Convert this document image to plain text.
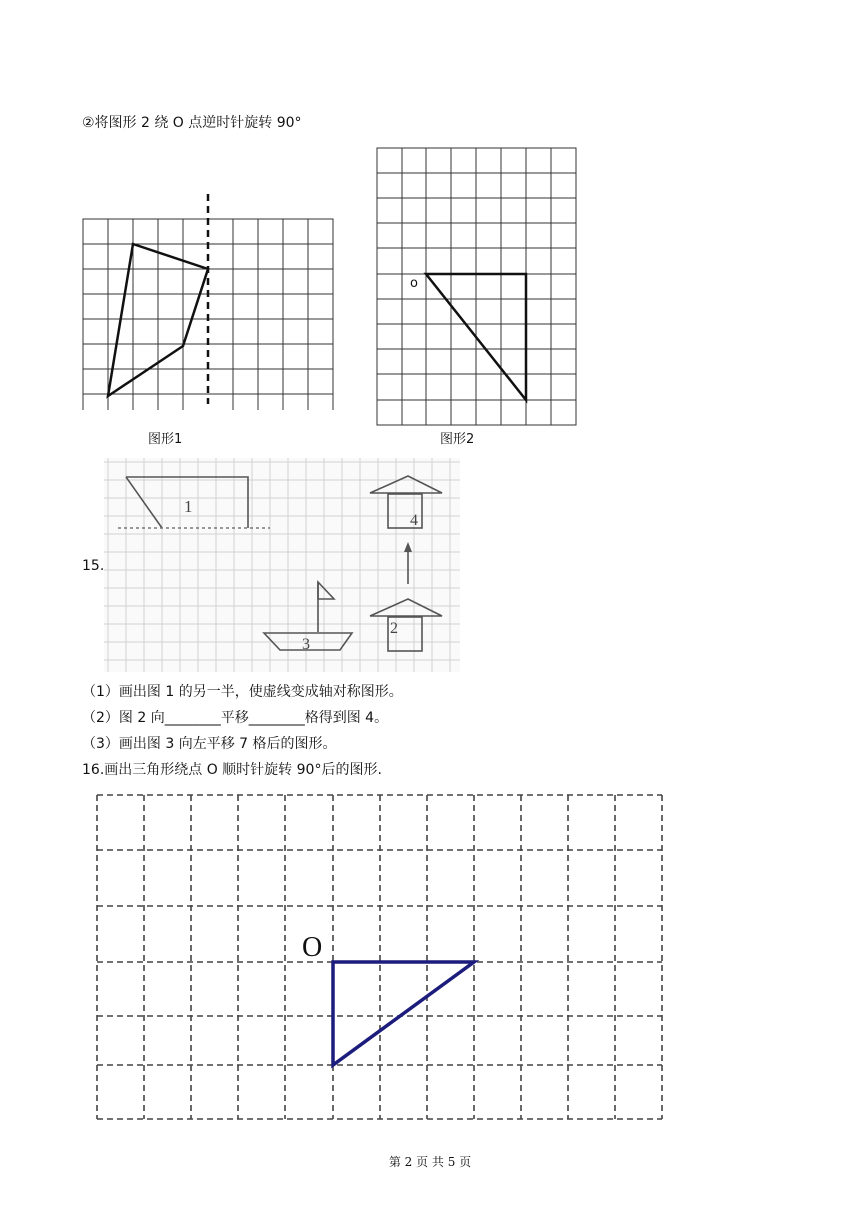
②将图形 2 绕 O 点逆时针旋转 90°
图形1
o
图形2
15.
1
4
2
3
（1）画出图 1 的另一半，使虚线变成轴对称图形。
（2）图 2 向________平移________格得到图 4。
（3）画出图 3 向左平移 7 格后的图形。
16.画出三角形绕点 O 顺时针旋转 90°后的图形.
O
第 2 页 共 5 页
